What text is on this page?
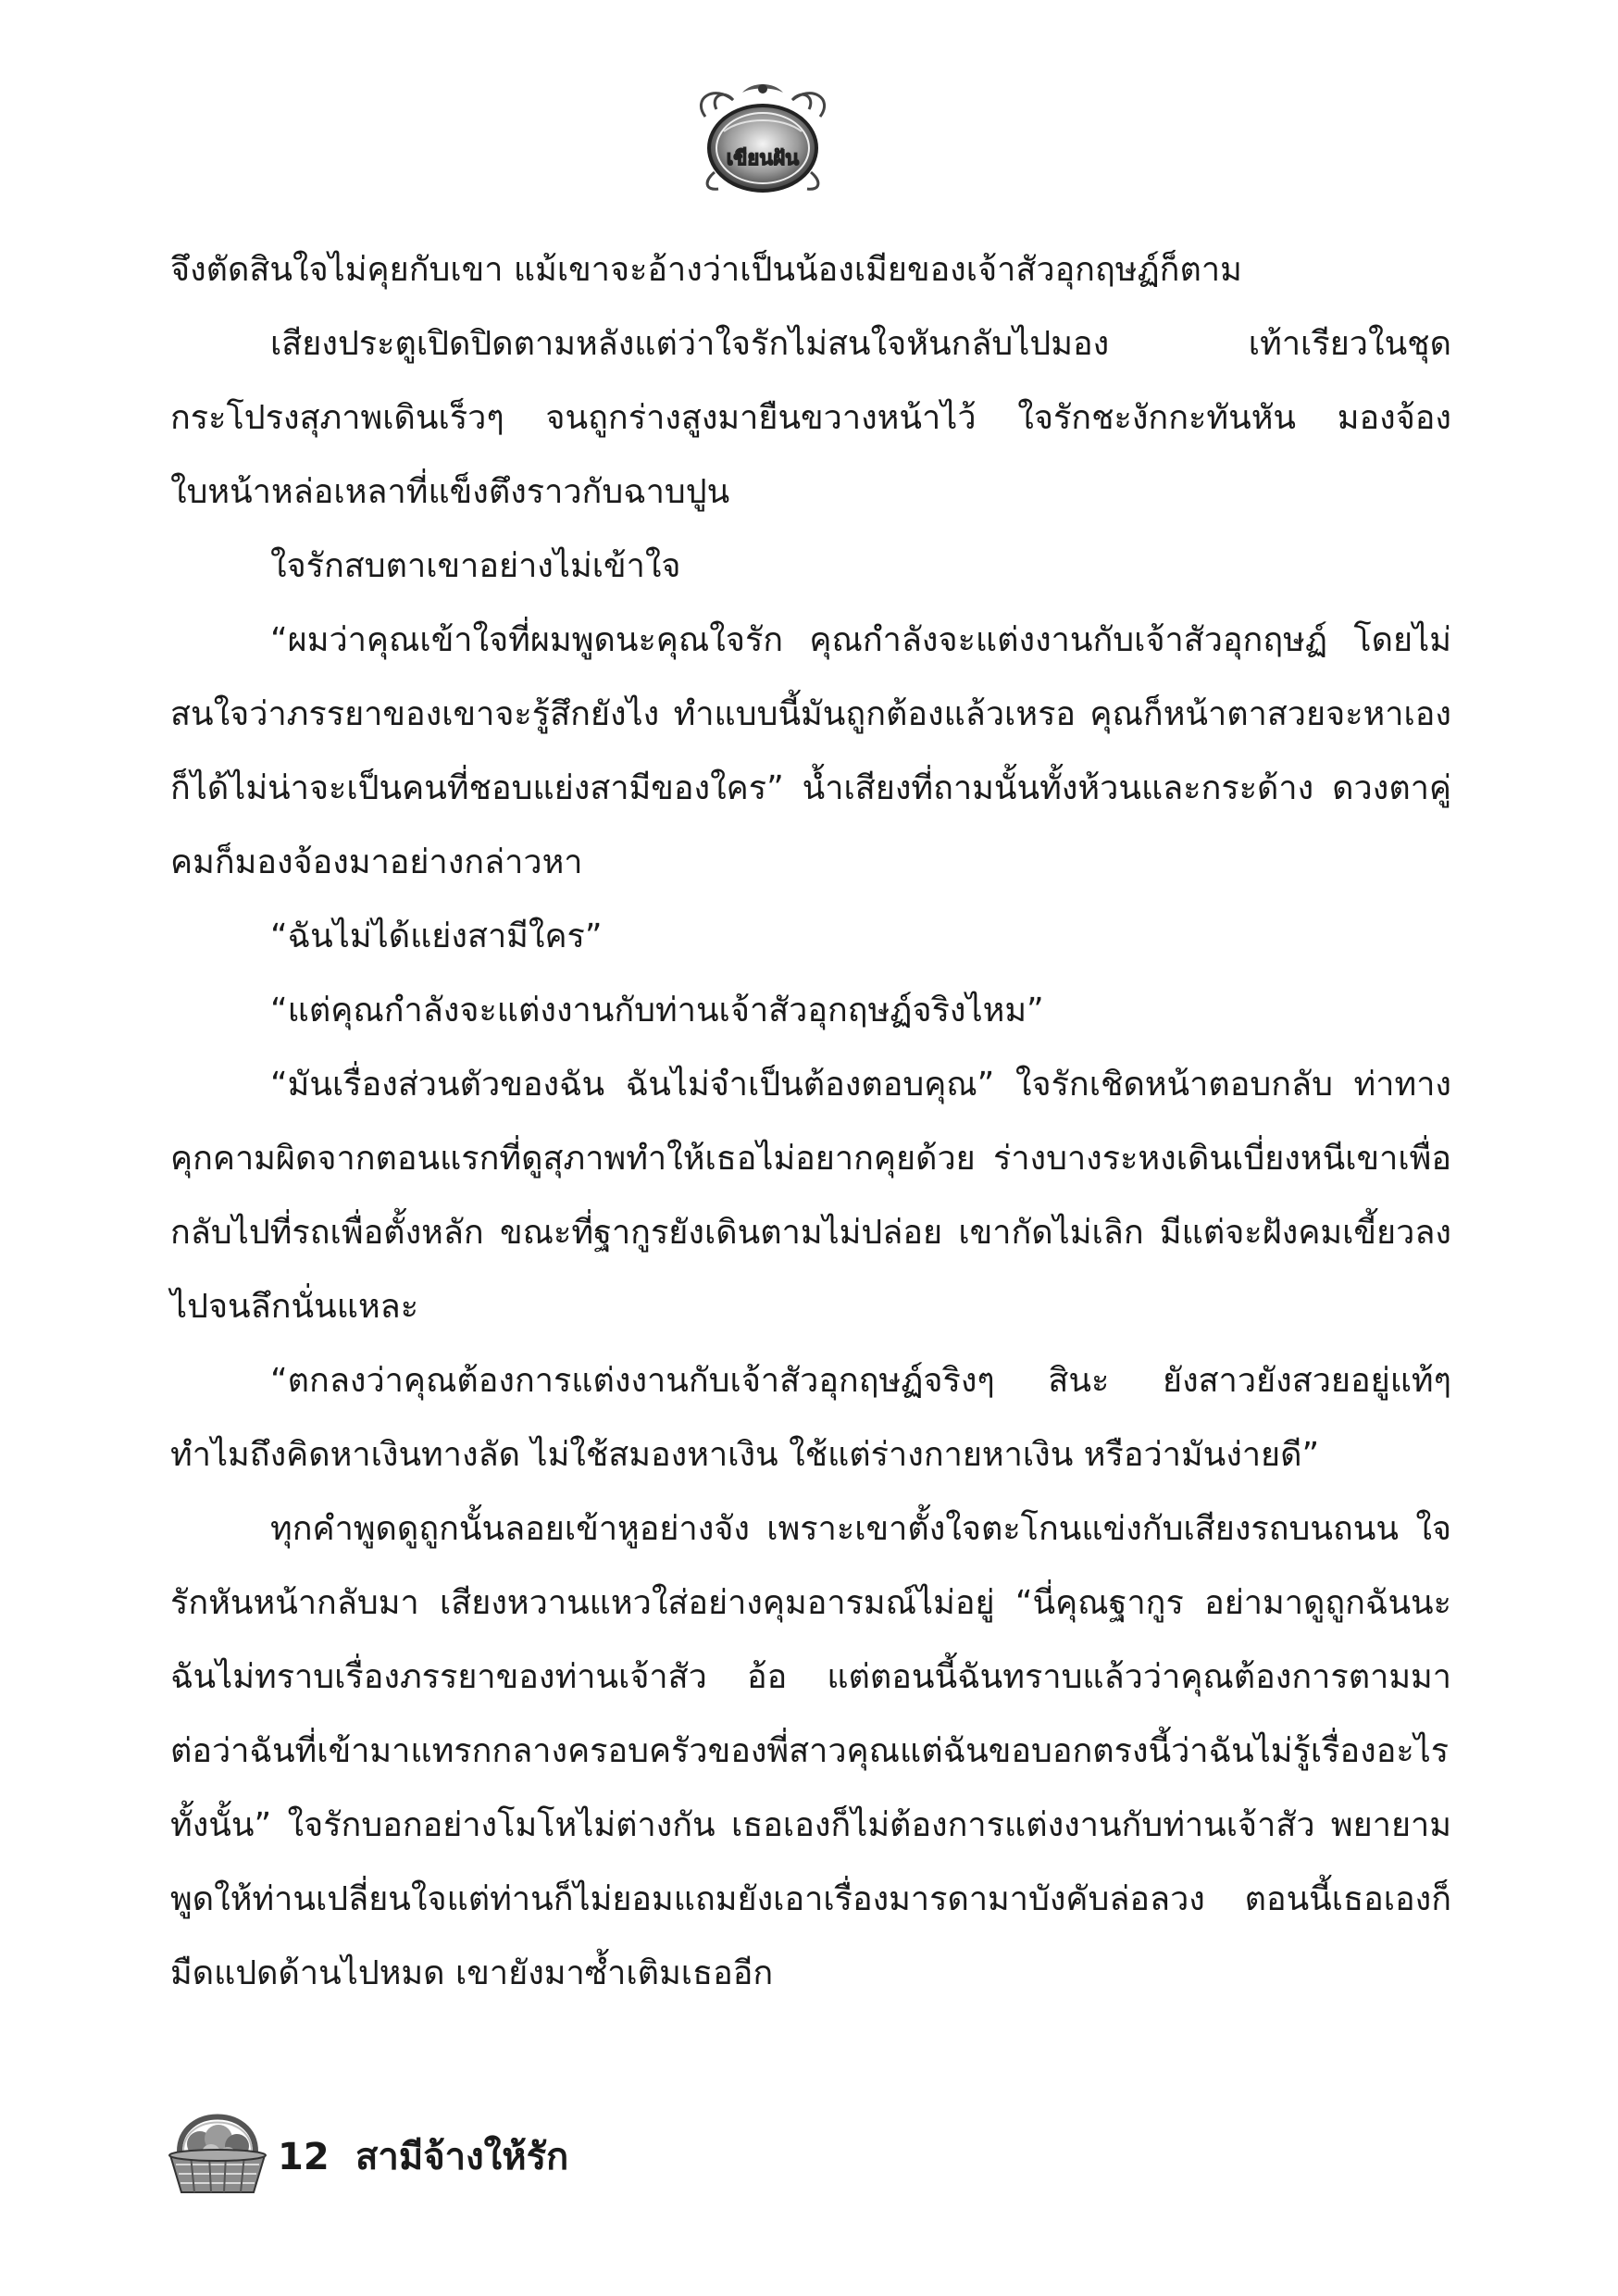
เขียนฝัน

จึงตัดสินใจไม่คุยกับเขา แม้เขาจะอ้างว่าเป็นน้องเมียของเจ้าสัวอุกฤษฏ์ก็ตาม

เสียงประตูเปิดปิดตามหลังแต่ว่าใจรักไม่สนใจหันกลับไปมอง เท้าเรียวในชุดกระโปรงสุภาพเดินเร็วๆ จนถูกร่างสูงมายืนขวางหน้าไว้ ใจรักชะงักกะทันหัน มองจ้องใบหน้าหล่อเหลาที่แข็งตึงราวกับฉาบปูน

ใจรักสบตาเขาอย่างไม่เข้าใจ

“ผมว่าคุณเข้าใจที่ผมพูดนะคุณใจรัก คุณกำลังจะแต่งงานกับเจ้าสัวอุกฤษฏ์ โดยไม่สนใจว่าภรรยาของเขาจะรู้สึกยังไง ทำแบบนี้มันถูกต้องแล้วเหรอ คุณก็หน้าตาสวยจะหาเองก็ได้ไม่น่าจะเป็นคนที่ชอบแย่งสามีของใคร” น้ำเสียงที่ถามนั้นทั้งห้วนและกระด้าง ดวงตาคู่คมก็มองจ้องมาอย่างกล่าวหา

“ฉันไม่ได้แย่งสามีใคร”

“แต่คุณกำลังจะแต่งงานกับท่านเจ้าสัวอุกฤษฏ์จริงไหม”

“มันเรื่องส่วนตัวของฉัน ฉันไม่จำเป็นต้องตอบคุณ” ใจรักเชิดหน้าตอบกลับ ท่าทางคุกคามผิดจากตอนแรกที่ดูสุภาพทำให้เธอไม่อยากคุยด้วย ร่างบางระหงเดินเบี่ยงหนีเขาเพื่อกลับไปที่รถเพื่อตั้งหลัก ขณะที่ฐากูรยังเดินตามไม่ปล่อย เขากัดไม่เลิก มีแต่จะฝังคมเขี้ยวลงไปจนลึกนั่นแหละ

“ตกลงว่าคุณต้องการแต่งงานกับเจ้าสัวอุกฤษฏ์จริงๆ สินะ ยังสาวยังสวยอยู่แท้ๆ ทำไมถึงคิดหาเงินทางลัด ไม่ใช้สมองหาเงิน ใช้แต่ร่างกายหาเงิน หรือว่ามันง่ายดี”

ทุกคำพูดดูถูกนั้นลอยเข้าหูอย่างจัง เพราะเขาตั้งใจตะโกนแข่งกับเสียงรถบนถนน ใจรักหันหน้ากลับมา เสียงหวานแหวใส่อย่างคุมอารมณ์ไม่อยู่ “นี่คุณฐากูร อย่ามาดูถูกฉันนะ ฉันไม่ทราบเรื่องภรรยาของท่านเจ้าสัว อ้อ แต่ตอนนี้ฉันทราบแล้วว่าคุณต้องการตามมาต่อว่าฉันที่เข้ามาแทรกกลางครอบครัวของพี่สาวคุณแต่ฉันขอบอกตรงนี้ว่าฉันไม่รู้เรื่องอะไรทั้งนั้น” ใจรักบอกอย่างโมโหไม่ต่างกัน เธอเองก็ไม่ต้องการแต่งงานกับท่านเจ้าสัว พยายามพูดให้ท่านเปลี่ยนใจแต่ท่านก็ไม่ยอมแถมยังเอาเรื่องมารดามาบังคับล่อลวง ตอนนี้เธอเองก็มืดแปดด้านไปหมด เขายังมาซ้ำเติมเธออีก

12 สามีจ้างให้รัก
